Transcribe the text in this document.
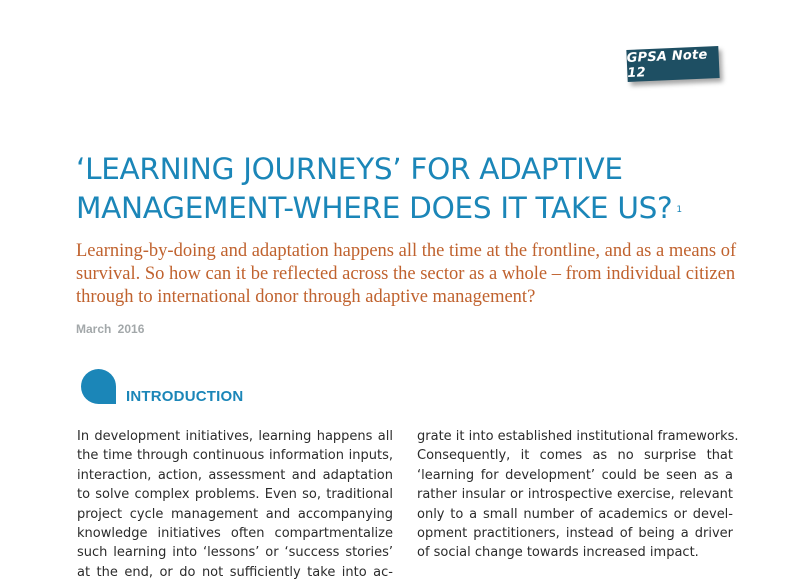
GPSA Note 12
‘LEARNING JOURNEYS’ FOR ADAPTIVE
MANAGEMENT-WHERE DOES IT TAKE US? $^1$
Learning-by-doing and adaptation happens all the time at the frontline, and as a means of
survival. So how can it be reflected across the sector as a whole – from individual citizen
through to international donor through adaptive management?
March 2016
INTRODUCTION
In development initiatives, learning happens all
the time through continuous information inputs,
interaction, action, assessment and adaptation
to solve complex problems. Even so, traditional
project cycle management and accompanying
knowledge initiatives often compartmentalize
such learning into ‘lessons’ or ‘success stories’
at the end, or do not sufficiently take into ac-
grate it into established institutional frameworks.
Consequently, it comes as no surprise that
‘learning for development’ could be seen as a
rather insular or introspective exercise, relevant
only to a small number of academics or devel-
opment practitioners, instead of being a driver
of social change towards increased impact.
